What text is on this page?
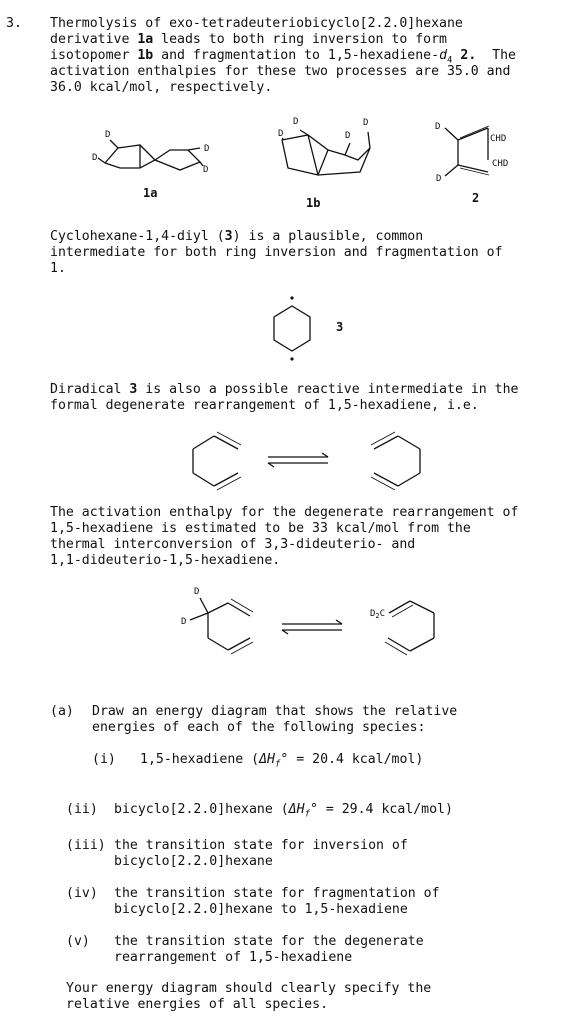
3. Thermolysis of exo-tetradeuteriobicyclo[2.2.0]hexane
derivative 1a leads to both ring inversion to form
isotopomer 1b and fragmentation to $1,5-hexadiene-d_4$ 2.  The
activation enthalpies for these two processes are 35.0 and
36.0 kcal/mol, respectively.
D
D
D
D
D
D	D
D	D
D
CHD
CHD
1a
1b	2
3
D
D
$D_2C$
Cyclohexane-1,4-diyl (3) is a plausible, common
intermediate for both ring inversion and fragmentation of
1.
Diradical 3 is also a possible reactive intermediate in the
formal degenerate rearrangement of 1,5-hexadiene, i.e.
The activation enthalpy for the degenerate rearrangement of
1,5-hexadiene is estimated to be 33 kcal/mol from the
thermal interconversion of 3,3-dideuterio- and
1,1-dideuterio-1,5-hexadiene.
(a) Draw an energy diagram that shows the relative
energies of each of the following species:
(i) 1,5-hexadiene ($\Delta H_f^\circ = 20.4$ kcal/mol)
(ii) bicyclo[2.2.0]hexane ($\Delta H_f^\circ = 29.4$ kcal/mol)
(iii) the transition state for inversion of
bicyclo[2.2.0]hexane
(iv) the transition state for fragmentation of
bicyclo[2.2.0]hexane to 1,5-hexadiene
(v) the transition state for the degenerate
rearrangement of 1,5-hexadiene
Your energy diagram should clearly specify the
relative energies of all species.
